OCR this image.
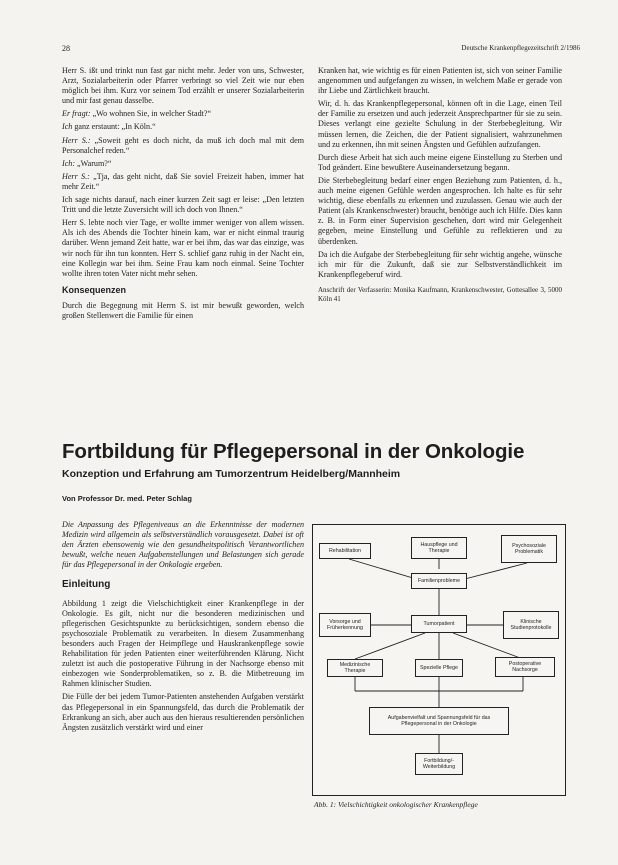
28	Deutsche Krankenpflegezeitschrift 2/1986

Herr S. ißt und trinkt nun fast gar nicht mehr. Jeder von uns, Schwester, Arzt, Sozialarbeiterin oder Pfarrer verbringt so viel Zeit wie nur eben möglich bei ihm. Kurz vor seinem Tod erzählt er unserer Sozialarbeiterin und mir fast genau dasselbe.

Er fragt: „Wo wohnen Sie, in welcher Stadt?“

Ich ganz erstaunt: „In Köln.“

Herr S.: „Soweit geht es doch nicht, da muß ich doch mal mit dem Personalchef reden.“

Ich: „Warum?“

Herr S.: „Tja, das geht nicht, daß Sie soviel Freizeit haben, immer hat mehr Zeit.“

Ich sage nichts darauf, nach einer kurzen Zeit sagt er leise: „Den letzten Tritt und die letzte Zuversicht will ich doch von Ihnen.“

Herr S. lebte noch vier Tage, er wollte immer weniger von allem wissen. Als ich des Abends die Tochter hinein kam, war er nicht einmal traurig darüber. Wenn jemand Zeit hatte, war er bei ihm, das war das einzige, was wir noch für ihn tun konnten. Herr S. schlief ganz ruhig in der Nacht ein, eine Kollegin war bei ihm. Seine Frau kam noch einmal. Seine Tochter wollte ihren toten Vater nicht mehr sehen.

Konsequenzen

Durch die Begegnung mit Herrn S. ist mir bewußt geworden, welch großen Stellenwert die Familie für einen

Kranken hat, wie wichtig es für einen Patienten ist, sich von seiner Familie angenommen und aufgefangen zu wissen, in welchem Maße er gerade von ihr Liebe und Zärtlichkeit braucht.

Wir, d. h. das Krankenpflegepersonal, können oft in die Lage, einen Teil der Familie zu ersetzen und auch jederzeit Ansprechpartner für sie zu sein. Dieses verlangt eine gezielte Schulung in der Sterbebegleitung. Wir müssen lernen, die Zeichen, die der Patient signalisiert, wahrzunehmen und zu erkennen, ihn mit seinen Ängsten und Gefühlen aufzufangen.

Durch diese Arbeit hat sich auch meine eigene Einstellung zu Sterben und Tod geändert. Eine bewußtere Auseinandersetzung begann.

Die Sterbebegleitung bedarf einer engen Beziehung zum Patienten, d. h., auch meine eigenen Gefühle werden angesprochen. Ich halte es für sehr wichtig, diese ebenfalls zu erkennen und zuzulassen. Genau wie auch der Patient (als Krankenschwester) braucht, benötige auch ich Hilfe. Dies kann z. B. in Form einer Supervision geschehen, dort wird mir Gelegenheit gegeben, meine Einstellung und Gefühle zu reflektieren und zu überdenken.

Da ich die Aufgabe der Sterbebegleitung für sehr wichtig angehe, wünsche ich mir für die Zukunft, daß sie zur Selbstverständlichkeit im Krankenpflegeberuf wird.

Anschrift der Verfasserin: Monika Kaufmann, Krankenschwester, Gottesallee 3, 5000 Köln 41
Fortbildung für Pflegepersonal in der Onkologie
Konzeption und Erfahrung am Tumorzentrum Heidelberg/Mannheim
Von Professor Dr. med. Peter Schlag

Die Anpassung des Pflegeniveaus an die Erkenntnisse der modernen Medizin wird allgemein als selbstverständlich vorausgesetzt. Dabei ist oft den Ärzten ebensowenig wie den gesundheitspolitisch Verantwortlichen bewußt, welche neuen Aufgabenstellungen und Belastungen sich gerade für das Pflegepersonal in der Onkologie ergeben.

Einleitung

Abbildung 1 zeigt die Vielschichtigkeit einer Krankenpflege in der Onkologie. Es gilt, nicht nur die besonderen medizinischen und pflegerischen Gesichtspunkte zu berücksichtigen, sondern ebenso die psychosoziale Problematik zu verarbeiten. In diesem Zusammenhang besonders auch Fragen der Heimpflege und Hauskrankenpflege sowie Rehabilitation für jeden Patienten einer weiterführenden Klärung. Nicht zuletzt ist auch die postoperative Führung in der Nachsorge ebenso mit einbezogen wie Sonderproblematiken, so z. B. die Mitbetreuung im Rahmen klinischer Studien.

Die Fülle der bei jedem Tumor-Patienten anstehenden Aufgaben verstärkt das Pflegepersonal in ein Spannungsfeld, das durch die Problematik der Erkrankung an sich, aber auch aus den hieraus resultierenden persönlichen Ängsten zusätzlich verstärkt wird und einer

Rehabilitation
Hauspflege und Therapie
Psychosoziale Problematik
Familienprobleme
Vorsorge und Früherkennung
Tumorpatient	Klinische Studienprotokolle
Medizinische Therapie	Spezielle Pflege
Postoperative Nachsorge
Aufgabenvielfalt und Spannungsfeld für das Pflegepersonal in der Onkologie
Fortbildung/-Weiterbildung
Abb. 1: Vielschichtigkeit onkologischer Krankenpflege
